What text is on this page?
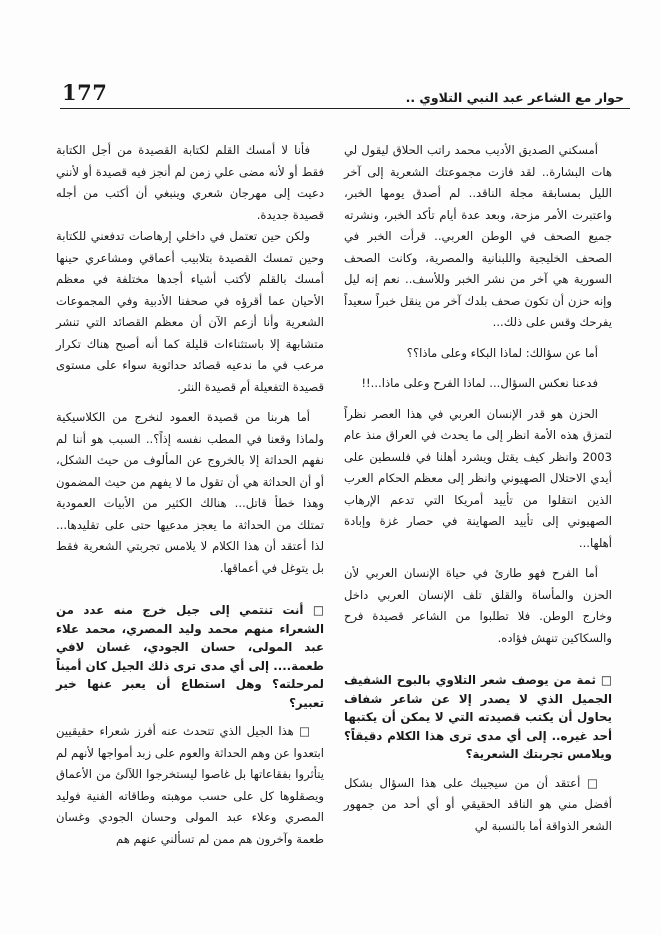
177	حوار مع الشاعر عبد النبي التلاوي ..

أمسكني الصديق الأديب محمد راتب الحلاق ليقول لي هات البشارة.. لقد فازت مجموعتك الشعرية إلى آخر الليل بمسابقة مجلة الناقد.. لم أصدق يومها الخبر، واعتبرت الأمر مزحة، وبعد عدة أيام تأكد الخبر، ونشرته جميع الصحف في الوطن العربي.. قرأت الخبر في الصحف الخليجية واللبنانية والمصرية، وكانت الصحف السورية هي آخر من نشر الخبر وللأسف.. نعم إنه ليل وإنه حزن أن تكون صحف بلدك آخر من ينقل خبراً سعيداً يفرحك وقس على ذلك...

أما عن سؤالك: لماذا البكاء وعلى ماذا؟؟

فدعنا نعكس السؤال... لماذا الفرح وعلى ماذا...!!

الحزن هو قدر الإنسان العربي في هذا العصر نظراً لتمزق هذه الأمة انظر إلى ما يحدث في العراق منذ عام 2003 وانظر كيف يقتل ويشرد أهلنا في فلسطين على أيدي الاحتلال الصهيوني وانظر إلى معظم الحكام العرب الذين انتقلوا من تأييد أمريكا التي تدعم الإرهاب الصهيوني إلى تأييد الصهاينة في حصار غزة وإبادة أهلها...

أما الفرح فهو طارئ في حياة الإنسان العربي لأن الحزن والمأساة والقلق تلف الإنسان العربي داخل وخارج الوطن. فلا تطلبوا من الشاعر قصيدة فرح والسكاكين تنهش فؤاده.

□ ثمة من يوصف شعر التلاوي بالبوح الشفيف الجميل الذي لا يصدر إلا عن شاعر شفاف يحاول أن يكتب قصيدته التي لا يمكن أن يكتبها أحد غيره.. إلى أي مدى ترى هذا الكلام دقيقاً؟ ويلامس تجربتك الشعرية؟

□ أعتقد أن من سيجيبك على هذا السؤال بشكل أفضل مني هو الناقد الحقيقي أو أي أحد من جمهور الشعر الذواقة أما بالنسبة لي

فأنا لا أمسك القلم لكتابة القصيدة من أجل الكتابة فقط أو لأنه مضى علي زمن لم أنجز فيه قصيدة أو لأنني دعيت إلى مهرجان شعري وينبغي أن أكتب من أجله قصيدة جديدة.

ولكن حين تعتمل في داخلي إرهاصات تدفعني للكتابة وحين تمسك القصيدة بتلابيب أعماقي ومشاعري حينها أمسك بالقلم لأكتب أشياء أجدها مختلفة في معظم الأحيان عما أقرؤه في صحفنا الأدبية وفي المجموعات الشعرية وأنا أزعم الآن أن معظم القصائد التي تنشر متشابهة إلا باستثناءات قليلة كما أنه أصبح هناك تكرار مرعب في ما ندعيه قصائد حداثوية سواء على مستوى قصيدة التفعيلة أم قصيدة النثر.

أما هربنا من قصيدة العمود لنخرج من الكلاسيكية ولماذا وقعنا في المطب نفسه إذاً؟.. السبب هو أننا لم نفهم الحداثة إلا بالخروج عن المألوف من حيث الشكل، أو أن الحداثة هي أن تقول ما لا يفهم من حيث المضمون وهذا خطأ قاتل... هنالك الكثير من الأبيات العمودية تمتلك من الحداثة ما يعجز مدعيها حتى على تقليدها... لذا أعتقد أن هذا الكلام لا يلامس تجربتي الشعرية فقط بل يتوغل في أعماقها.

□ أنت تنتمي إلى جيل خرج منه عدد من الشعراء منهم محمد وليد المصري، محمد علاء عبد المولى، حسان الجودي، غسان لافي طعمة.... إلى أي مدى ترى ذلك الجيل كان أميناً لمرحلته؟ وهل استطاع أن يعبر عنها خير تعبير؟

□ هذا الجيل الذي تتحدث عنه أفرز شعراء حقيقيين ابتعدوا عن وهم الحداثة والعوم على زبد أمواجها لأنهم لم يتأثروا بفقاعاتها بل غاصوا ليستخرجوا اللآلئ من الأعماق ويصقلوها كل على حسب موهبته وطاقاته الفنية فوليد المصري وعلاء عبد المولى وحسان الجودي وغسان طعمة وآخرون هم ممن لم تسألني عنهم هم
